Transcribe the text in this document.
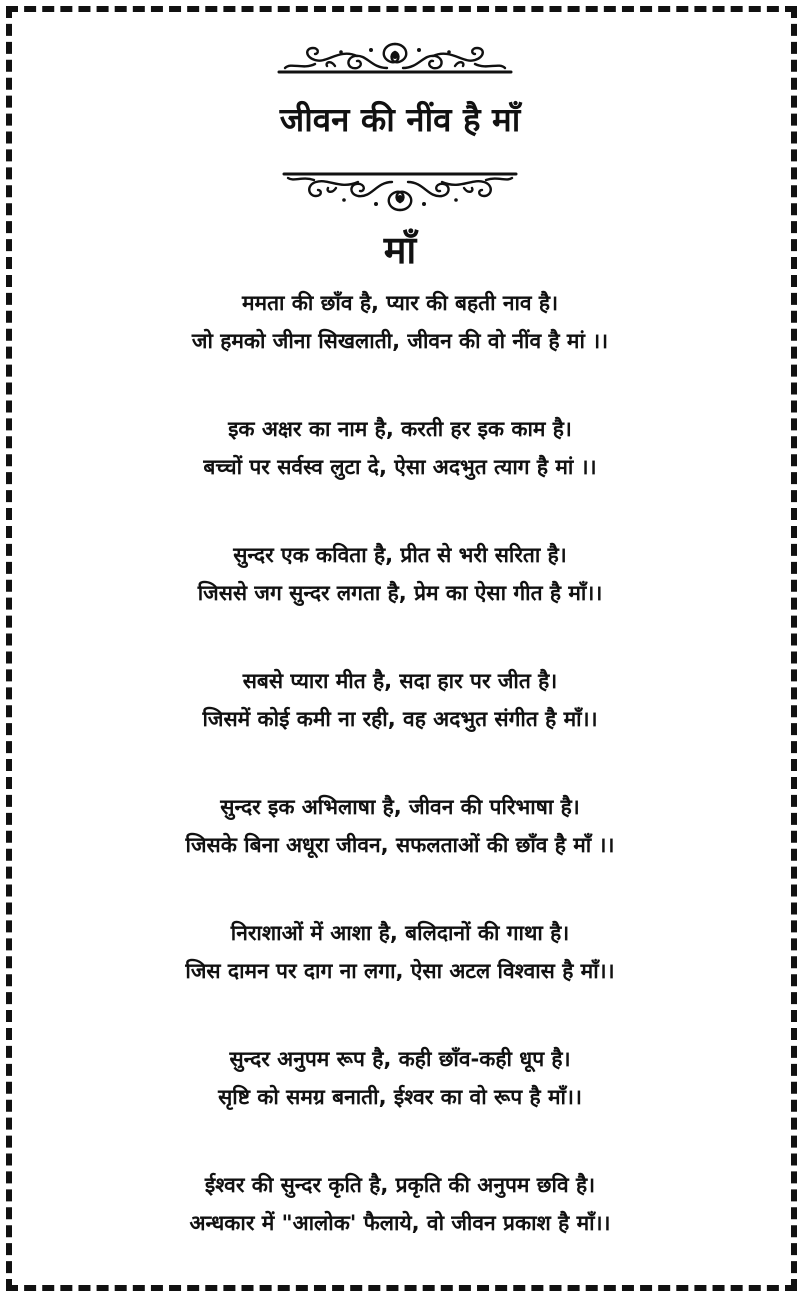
जीवन की नींव है माँ
माँ
ममता की छाँव है, प्यार की बहती नाव है।
जो हमको जीना सिखलाती, जीवन की वो नींव है मां ।।
इक अक्षर का नाम है, करती हर इक काम है।
बच्चों पर सर्वस्व लुटा दे, ऐसा अदभुत त्याग है मां ।।
सुन्दर एक कविता है, प्रीत से भरी सरिता है।
जिससे जग सुन्दर लगता है, प्रेम का ऐसा गीत है माँ।।
सबसे प्यारा मीत है, सदा हार पर जीत है।
जिसमें कोई कमी ना रही, वह अदभुत संगीत है माँ।।
सुन्दर इक अभिलाषा है, जीवन की परिभाषा है।
जिसके बिना अधूरा जीवन, सफलताओं की छाँव है माँ ।।
निराशाओं में आशा है, बलिदानों की गाथा है।
जिस दामन पर दाग ना लगा, ऐसा अटल विश्वास है माँ।।
सुन्दर अनुपम रूप है, कही छाँव-कही धूप है।
सृष्टि को समग्र बनाती, ईश्वर का वो रूप है माँ।।
ईश्वर की सुन्दर कृति है, प्रकृति की अनुपम छवि है।
अन्धकार में "आलोक' फैलाये, वो जीवन प्रकाश है माँ।।
